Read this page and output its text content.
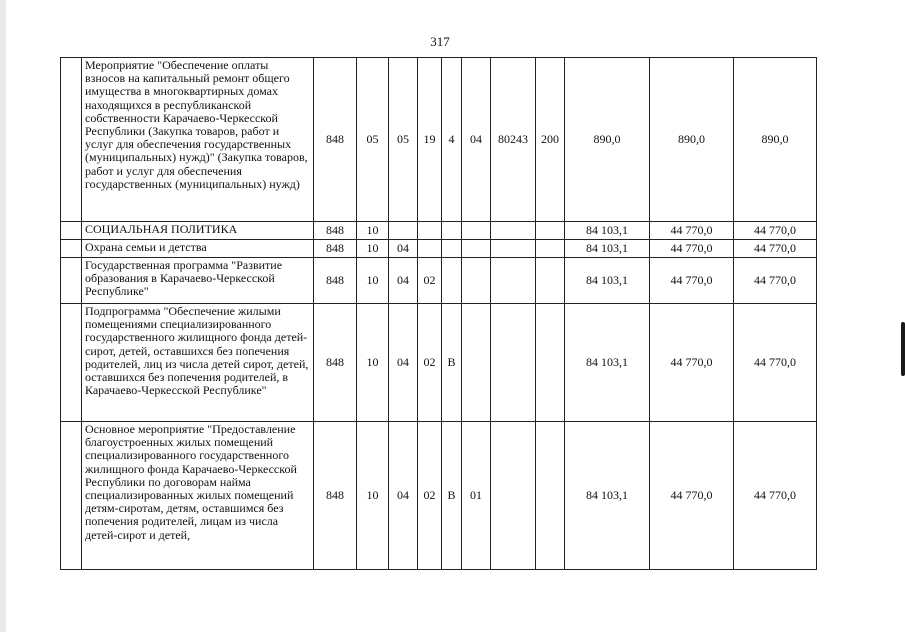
317
	Мероприятие "Обеспечение оплаты взносов на капитальный ремонт общего имущества в многоквартирных домах находящихся в республиканской собственности Карачаево-Черкесской Республики (Закупка товаров, работ и услуг для обеспечения государственных (муниципальных) нужд)" (Закупка товаров, работ и услуг для обеспечения государственных (муниципальных) нужд)	848	05	05	19	4	04	80243	200	890,0	890,0	890,0
	СОЦИАЛЬНАЯ ПОЛИТИКА	848	10							84 103,1	44 770,0	44 770,0
	Охрана семьи и детства	848	10	04						84 103,1	44 770,0	44 770,0
	Государственная программа "Развитие образования в Карачаево-Черкесской Республике"	848	10	04	02					84 103,1	44 770,0	44 770,0
	Подпрограмма "Обеспечение жилыми помещениями специализированного государственного жилищного фонда детей-сирот, детей, оставшихся без попечения родителей, лиц из числа детей сирот, детей, оставшихся без попечения родителей, в Карачаево-Черкесской Республике"	848	10	04	02	В				84 103,1	44 770,0	44 770,0
	Основное мероприятие "Предоставление благоустроенных жилых помещений специализированного государственного жилищного фонда Карачаево-Черкесской Республики по договорам найма специализированных жилых помещений детям-сиротам, детям, оставшимся без попечения родителей, лицам из числа детей-сирот и детей,	848	10	04	02	В	01			84 103,1	44 770,0	44 770,0
